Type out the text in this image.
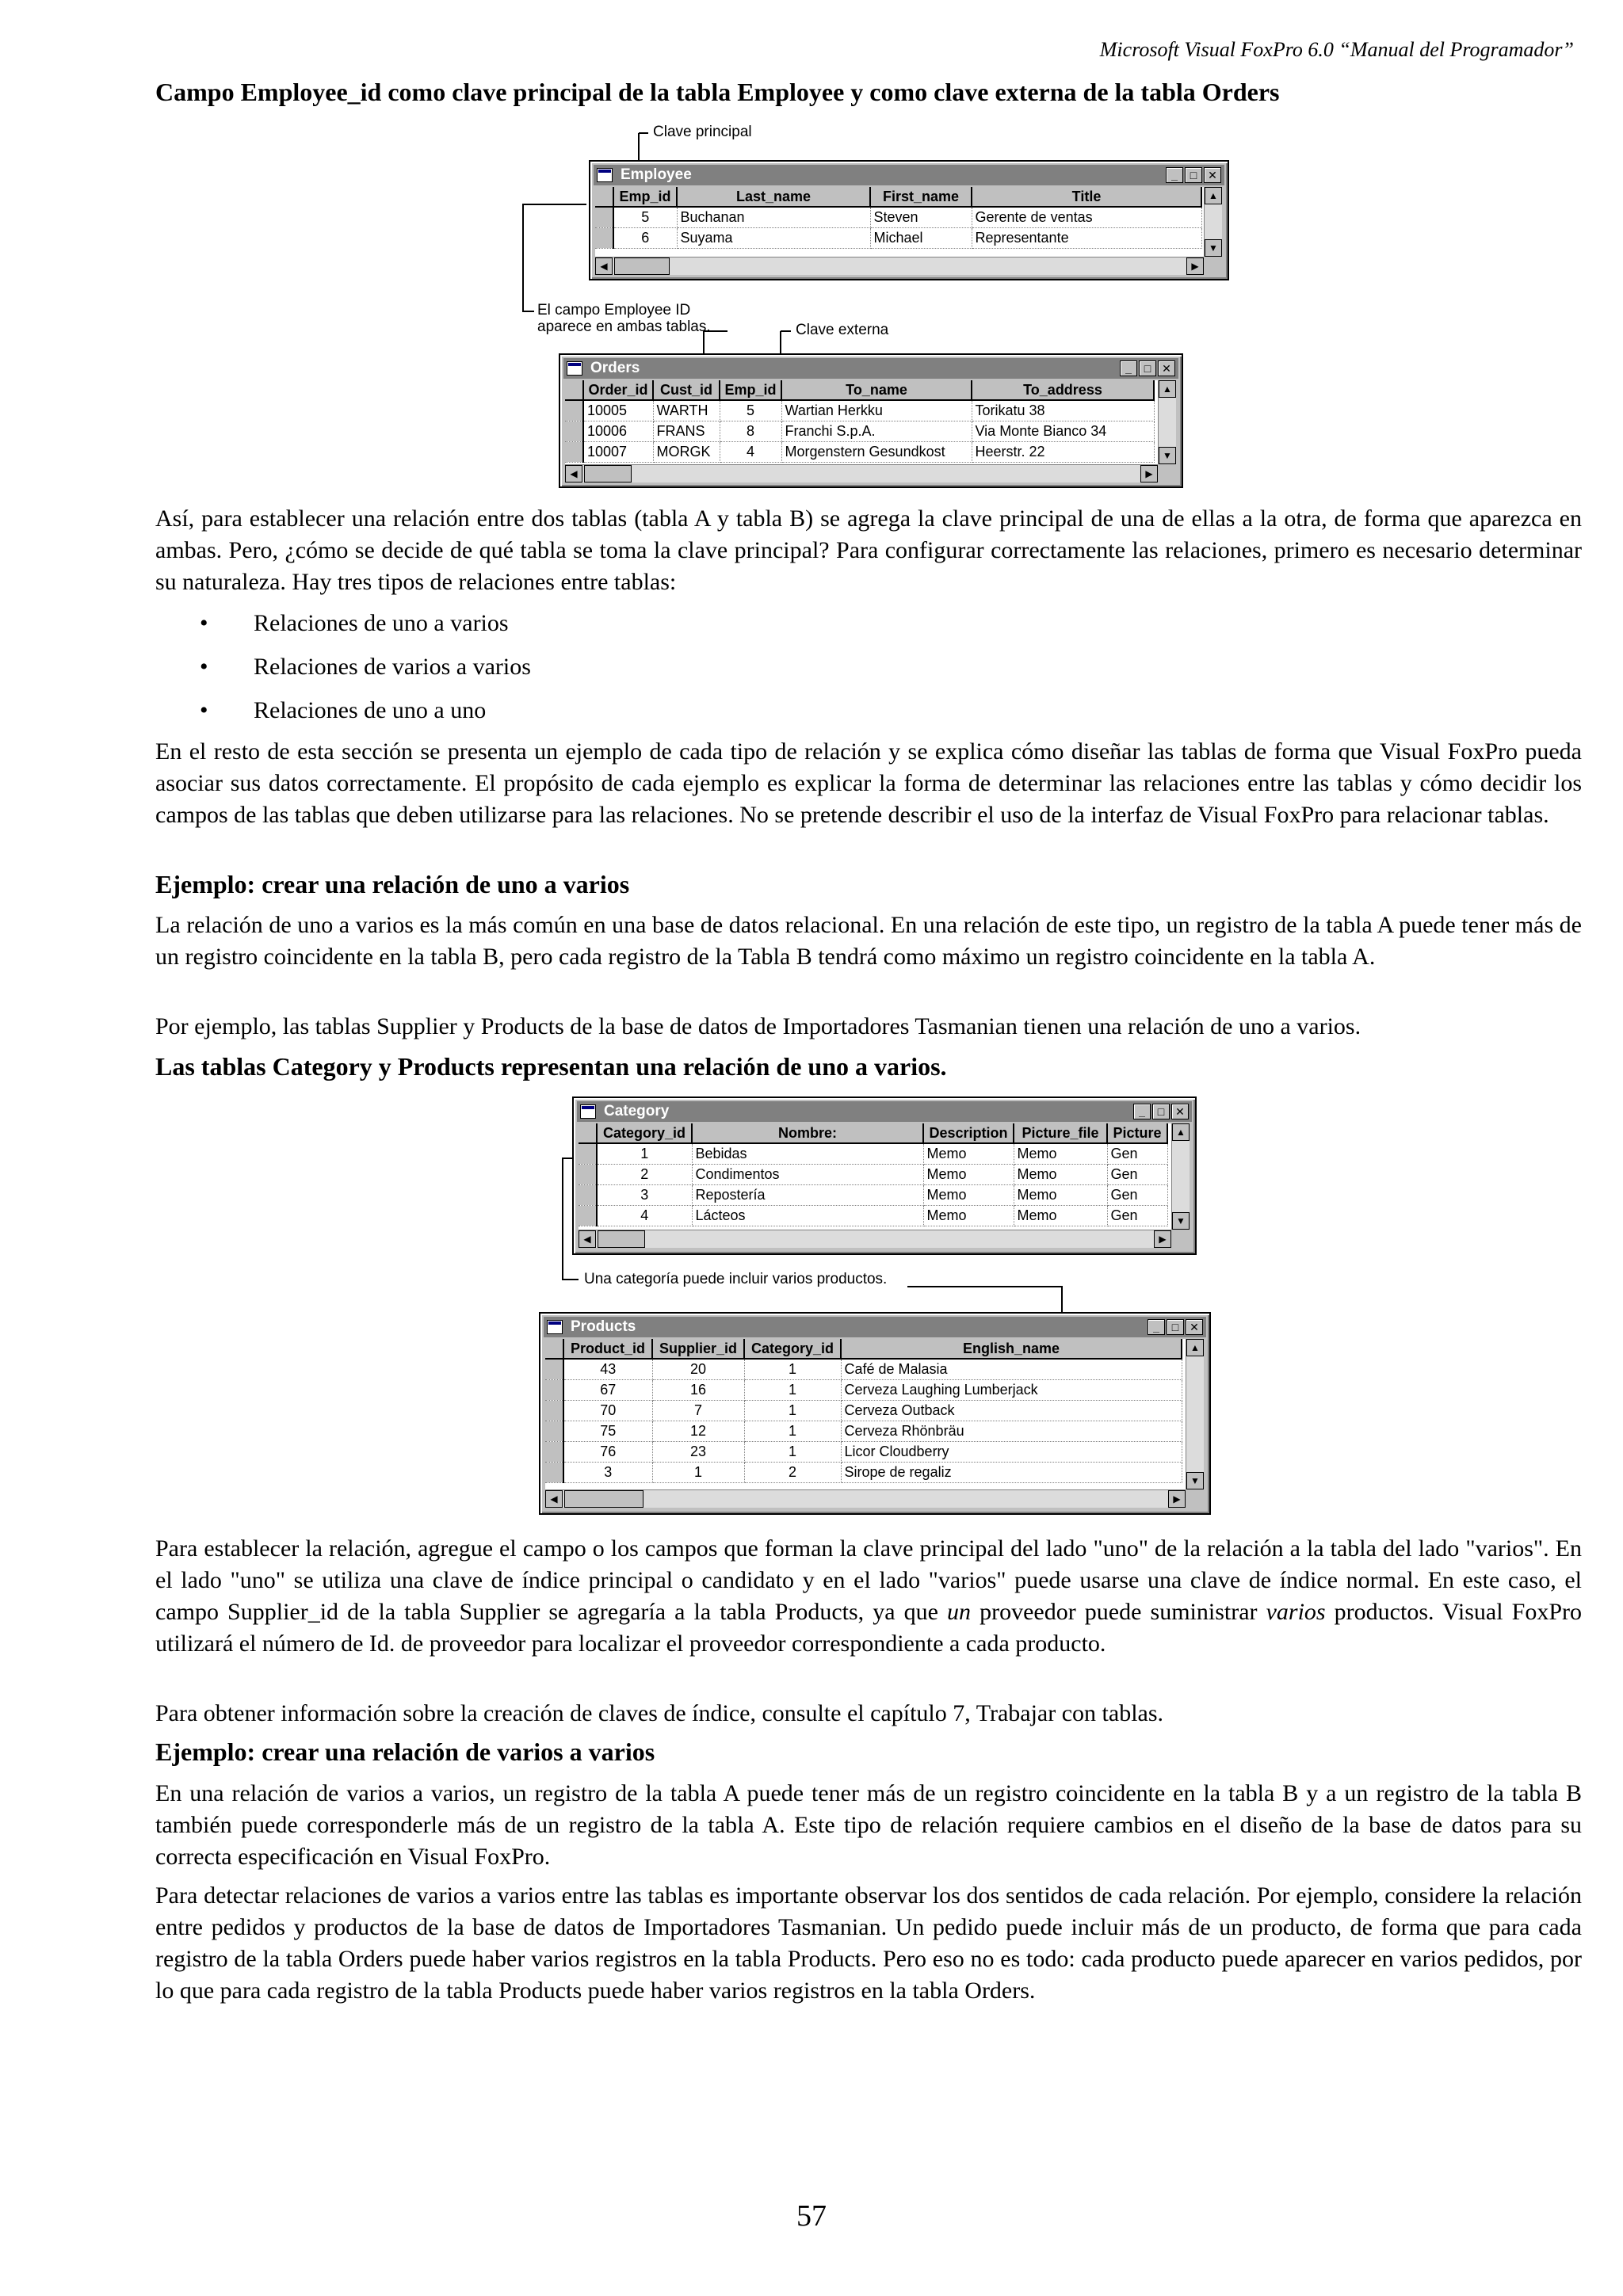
Microsoft Visual FoxPro 6.0 “Manual del Programador”
Campo Employee_id como clave principal de la tabla Employee y como clave externa de la tabla Orders
Clave principal
El campo Employee ID
aparece en ambas tablas.	Clave externa
Employee	_	□ ✕
	Emp_id	Last_name	First_name	Title
	5	Buchanan	Steven	Gerente de ventas
	6	Suyama	Michael	Representante
▲
▼
◀	▶
Orders	_	□ ✕
	Order_id	Cust_id	Emp_id	To_name	To_address
	10005	WARTH	5	Wartian Herkku	Torikatu 38
	10006	FRANS	8	Franchi S.p.A.	Via Monte Bianco 34
	10007	MORGK	4	Morgenstern Gesundkost	Heerstr. 22
▲
▼
◀	▶

Así, para establecer una relación entre dos tablas (tabla A y tabla B) se agrega la clave principal de una de ellas a la otra, de forma que aparezca en ambas. Pero, ¿cómo se decide de qué tabla se toma la clave principal? Para configurar correctamente las relaciones, primero es necesario determinar su naturaleza. Hay tres tipos de relaciones entre tablas:

• Relaciones de uno a varios
• Relaciones de varios a varios
• Relaciones de uno a uno

En el resto de esta sección se presenta un ejemplo de cada tipo de relación y se explica cómo diseñar las tablas de forma que Visual FoxPro pueda asociar sus datos correctamente. El propósito de cada ejemplo es explicar la forma de determinar las relaciones entre las tablas y cómo decidir los campos de las tablas que deben utilizarse para las relaciones. No se pretende describir el uso de la interfaz de Visual FoxPro para relacionar tablas.

Ejemplo: crear una relación de uno a varios

La relación de uno a varios es la más común en una base de datos relacional. En una relación de este tipo, un registro de la tabla A puede tener más de un registro coincidente en la tabla B, pero cada registro de la Tabla B tendrá como máximo un registro coincidente en la tabla A.

Por ejemplo, las tablas Supplier y Products de la base de datos de Importadores Tasmanian tienen una relación de uno a varios.

Las tablas Category y Products representan una relación de uno a varios.
Una categoría puede incluir varios productos.
Category	_	□ ✕
	Category_id	Nombre:	Description	Picture_file	Picture
	1	Bebidas	Memo	Memo	Gen
	2	Condimentos	Memo	Memo	Gen
	3	Repostería	Memo	Memo	Gen
	4	Lácteos	Memo	Memo	Gen
▲
▼
◀	▶
Products	_	□ ✕
	Product_id	Supplier_id	Category_id	English_name
	43	20	1	Café de Malasia
	67	16	1	Cerveza Laughing Lumberjack
	70	7	1	Cerveza Outback
	75	12	1	Cerveza Rhönbräu
	76	23	1	Licor Cloudberry
	3	1	2	Sirope de regaliz
▲
▼
◀	▶

Para establecer la relación, agregue el campo o los campos que forman la clave principal del lado "uno" de la relación a la tabla del lado "varios". En el lado "uno" se utiliza una clave de índice principal o candidato y en el lado "varios" puede usarse una clave de índice normal. En este caso, el campo Supplier_id de la tabla Supplier se agregaría a la tabla Products, ya que un proveedor puede suministrar varios productos. Visual FoxPro utilizará el número de Id. de proveedor para localizar el proveedor correspondiente a cada producto.

Para obtener información sobre la creación de claves de índice, consulte el capítulo 7, Trabajar con tablas.

Ejemplo: crear una relación de varios a varios

En una relación de varios a varios, un registro de la tabla A puede tener más de un registro coincidente en la tabla B y a un registro de la tabla B también puede corresponderle más de un registro de la tabla A. Este tipo de relación requiere cambios en el diseño de la base de datos para su correcta especificación en Visual FoxPro.

Para detectar relaciones de varios a varios entre las tablas es importante observar los dos sentidos de cada relación. Por ejemplo, considere la relación entre pedidos y productos de la base de datos de Importadores Tasmanian. Un pedido puede incluir más de un producto, de forma que para cada registro de la tabla Orders puede haber varios registros en la tabla Products. Pero eso no es todo: cada producto puede aparecer en varios pedidos, por lo que para cada registro de la tabla Products puede haber varios registros en la tabla Orders.

57
